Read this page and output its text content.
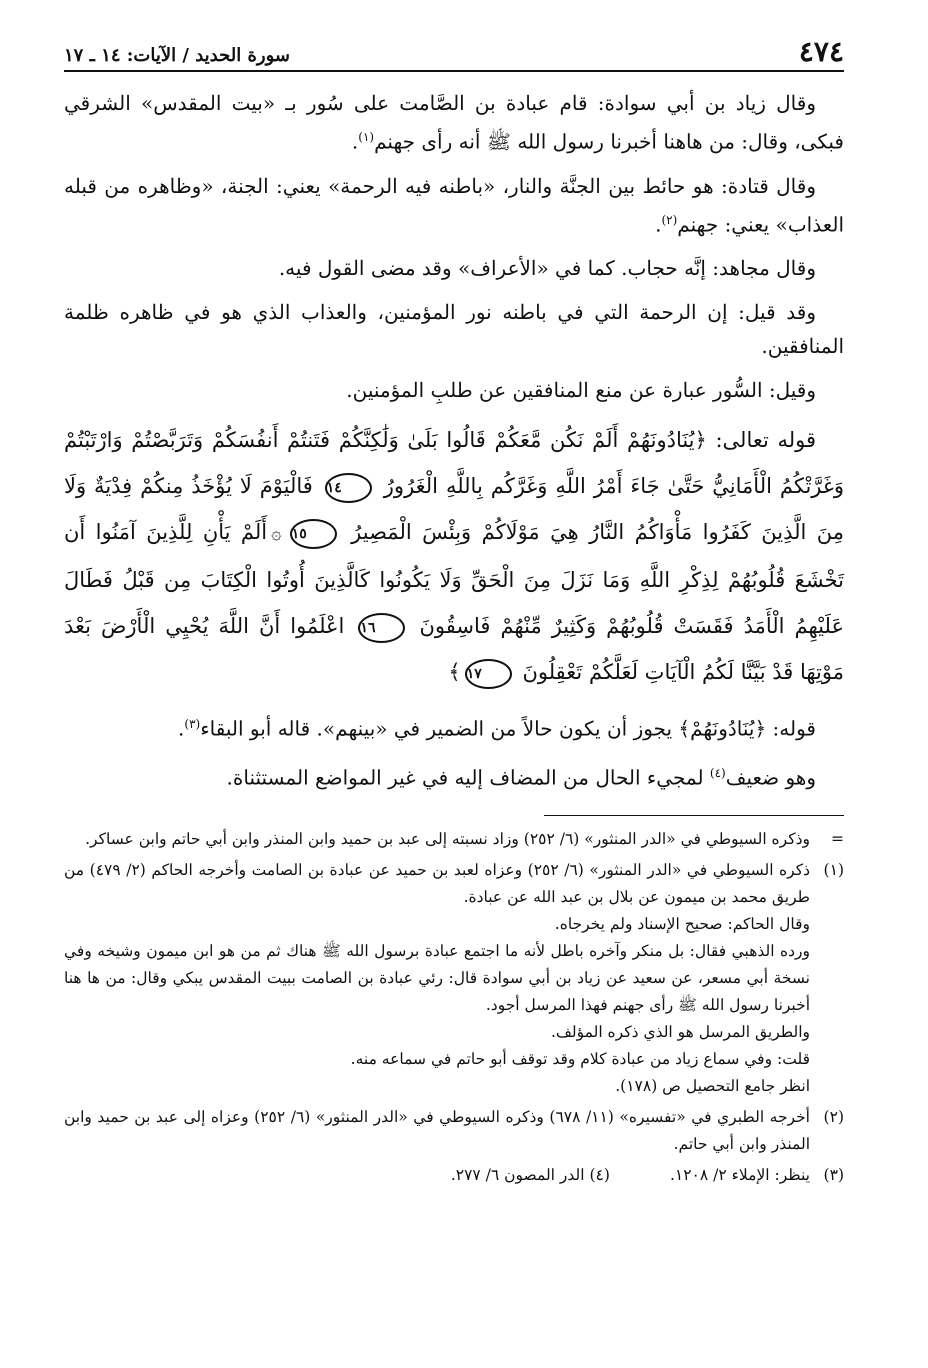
٤٧٤
سورة الحديد / الآيات: ١٤ ـ ١٧

وقال زياد بن أبي سوادة: قام عبادة بن الصَّامت على سُور بـ «بيت المقدس» الشرقي فبكى، وقال: من هاهنا أخبرنا رسول الله ﷺ أنه رأى جهنم$^{(١)}$.

وقال قتادة: هو حائط بين الجنَّة والنار، «باطنه فيه الرحمة» يعني: الجنة، «وظاهره من قبله العذاب» يعني: جهنم$^{(٢)}$.

وقال مجاهد: إنَّه حجاب. كما في «الأعراف» وقد مضى القول فيه.

وقد قيل: إن الرحمة التي في باطنه نور المؤمنين، والعذاب الذي هو في ظاهره ظلمة المنافقين.

وقيل: السُّور عبارة عن منع المنافقين عن طلبِ المؤمنين.

قوله تعالى: ﴿يُنَادُونَهُمْ أَلَمْ نَكُن مَّعَكُمْ قَالُوا بَلَىٰ وَلَٰكِنَّكُمْ فَتَنتُمْ أَنفُسَكُمْ وَتَرَبَّصْتُمْ وَارْتَبْتُمْ وَغَرَّتْكُمُ الْأَمَانِيُّ حَتَّىٰ جَاءَ أَمْرُ اللَّهِ وَغَرَّكُم بِاللَّهِ الْغَرُورُ ١٤ فَالْيَوْمَ لَا يُؤْخَذُ مِنكُمْ فِدْيَةٌ وَلَا مِنَ الَّذِينَ كَفَرُوا مَأْوَاكُمُ النَّارُ هِيَ مَوْلَاكُمْ وَبِئْسَ الْمَصِيرُ ١٥۞أَلَمْ يَأْنِ لِلَّذِينَ آمَنُوا أَن تَخْشَعَ قُلُوبُهُمْ لِذِكْرِ اللَّهِ وَمَا نَزَلَ مِنَ الْحَقِّ وَلَا يَكُونُوا كَالَّذِينَ أُوتُوا الْكِتَابَ مِن قَبْلُ فَطَالَ عَلَيْهِمُ الْأَمَدُ فَقَسَتْ قُلُوبُهُمْ وَكَثِيرٌ مِّنْهُمْ فَاسِقُونَ ١٦ اعْلَمُوا أَنَّ اللَّهَ يُحْيِي الْأَرْضَ بَعْدَ مَوْتِهَا قَدْ بَيَّنَّا لَكُمُ الْآيَاتِ لَعَلَّكُمْ تَعْقِلُونَ ١٧﴾

قوله: ﴿يُنَادُونَهُمْ﴾ يجوز أن يكون حالاً من الضمير في «بينهم». قاله أبو البقاء$^{(٣)}$.

وهو ضعيف$^{(٤)}$ لمجيء الحال من المضاف إليه في غير المواضع المستثناة.

=

وذكره السيوطي في «الدر المنثور» (٦/ ٢٥٢) وزاد نسبته إلى عبد بن حميد وابن المنذر وابن أبي حاتم وابن عساكر.

(١)

ذكره السيوطي في «الدر المنثور» (٦/ ٢٥٢) وعزاه لعبد بن حميد عن عبادة بن الصامت وأخرجه الحاكم (٢/ ٤٧٩) من طريق محمد بن ميمون عن بلال بن عبد الله عن عبادة.

وقال الحاكم: صحيح الإسناد ولم يخرجاه.

ورده الذهبي فقال: بل منكر وآخره باطل لأنه ما اجتمع عبادة برسول الله ﷺ هناك ثم من هو ابن ميمون وشيخه وفي نسخة أبي مسعر، عن سعيد عن زياد بن أبي سوادة قال: رئي عبادة بن الصامت ببيت المقدس يبكي وقال: من ها هنا أخبرنا رسول الله ﷺ رأى جهنم فهذا المرسل أجود.

والطريق المرسل هو الذي ذكره المؤلف.

قلت: وفي سماع زياد من عبادة كلام وقد توقف أبو حاتم في سماعه منه.

انظر جامع التحصيل ص (١٧٨).

(٢)

أخرجه الطبري في «تفسيره» (١١/ ٦٧٨) وذكره السيوطي في «الدر المنثور» (٦/ ٢٥٢) وعزاه إلى عبد بن حميد وابن المنذر وابن أبي حاتم.

(٣)
ينظر: الإملاء ٢/ ١٢٠٨.
(٤) الدر المصون ٦/ ٢٧٧.
